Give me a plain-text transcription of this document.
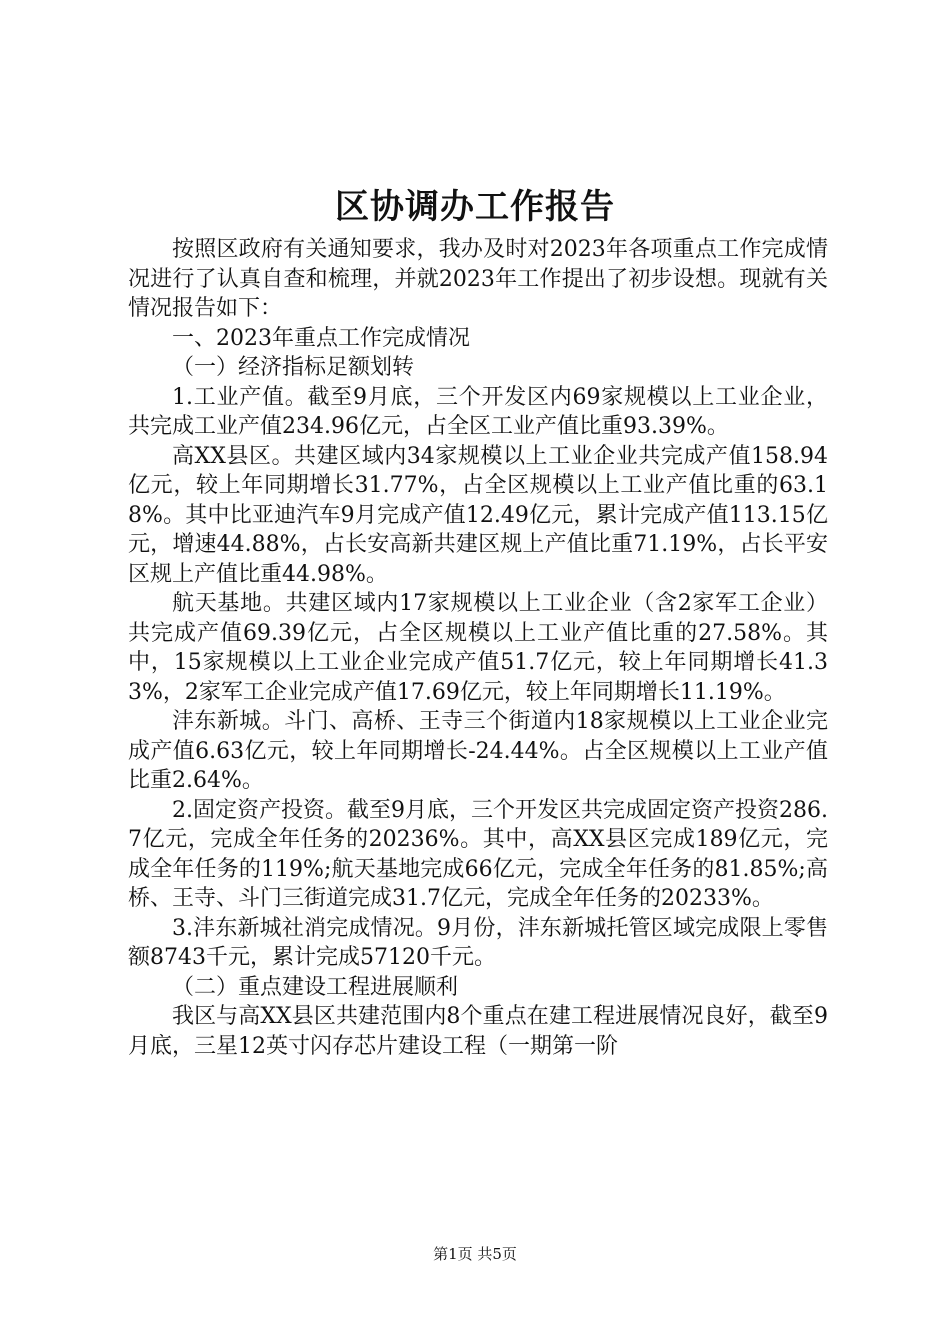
区协调办工作报告

按照区政府有关通知要求，我办及时对2023年各项重点工作完成情况进行了认真自查和梳理，并就2023年工作提出了初步设想。现就有关情况报告如下：

一、2023年重点工作完成情况

（一）经济指标足额划转

1.工业产值。截至9月底，三个开发区内69家规模以上工业企业，共完成工业产值234.96亿元，占全区工业产值比重93.39%。

高XX县区。共建区域内34家规模以上工业企业共完成产值158.94亿元，较上年同期增长31.77%，占全区规模以上工业产值比重的63.18%。其中比亚迪汽车9月完成产值12.49亿元，累计完成产值113.15亿元，增速44.88%，占长安高新共建区规上产值比重71.19%，占长平安区规上产值比重44.98%。

航天基地。共建区域内17家规模以上工业企业（含2家军工企业）共完成产值69.39亿元，占全区规模以上工业产值比重的27.58%。其中，15家规模以上工业企业完成产值51.7亿元，较上年同期增长41.33%，2家军工企业完成产值17.69亿元，较上年同期增长11.19%。

沣东新城。斗门、高桥、王寺三个街道内18家规模以上工业企业完成产值6.63亿元，较上年同期增长-24.44%。占全区规模以上工业产值比重2.64%。

2.固定资产投资。截至9月底，三个开发区共完成固定资产投资286.7亿元，完成全年任务的20236%。其中，高XX县区完成189亿元，完成全年任务的119%;航天基地完成66亿元，完成全年任务的81.85%;高桥、王寺、斗门三街道完成31.7亿元，完成全年任务的20233%。

3.沣东新城社消完成情况。9月份，沣东新城托管区域完成限上零售额8743千元，累计完成57120千元。

（二）重点建设工程进展顺利

我区与高XX县区共建范围内8个重点在建工程进展情况良好，截至9月底，三星12英寸闪存芯片建设工程（一期第一阶

第1页 共5页
